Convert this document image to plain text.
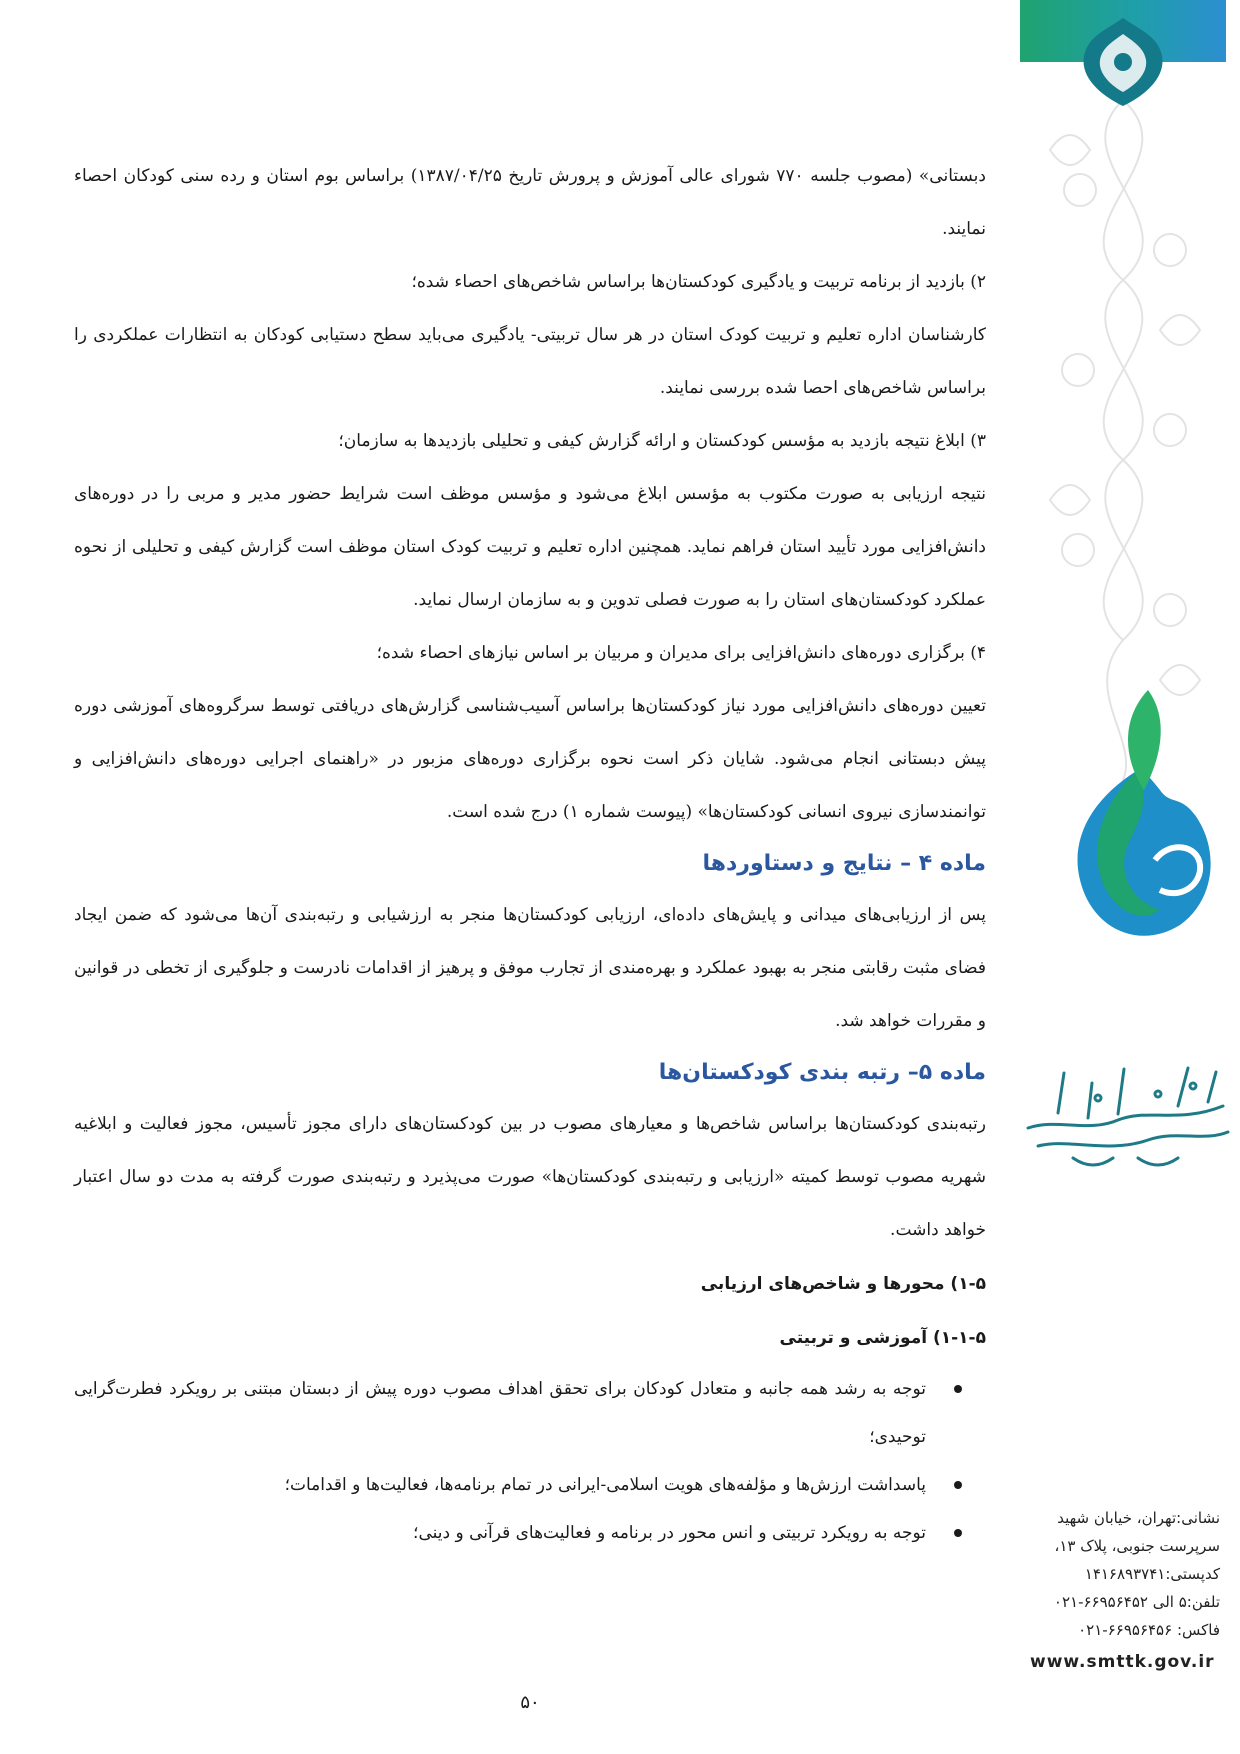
نشانی:تهران، خیابان شهید
سرپرست جنوبی، پلاک ۱۳،
کدپستی:۱۴۱۶۸۹۳۷۴۱
تلفن:۵ الی ۶۶۹۵۶۴۵۲-۰۲۱
فاکس: ۶۶۹۵۶۴۵۶-۰۲۱
www.smttk.gov.ir

دبستانی» (مصوب جلسه ۷۷۰ شورای عالی آموزش و پرورش تاریخ ۱۳۸۷/۰۴/۲۵) براساس بوم استان و رده سنی کودکان احصاء نمایند.

۲) بازدید از برنامه تربیت و یادگیری کودکستان‌ها براساس شاخص‌های احصاء شده؛

کارشناسان اداره تعلیم و تربیت کودک استان در هر سال تربیتی- یادگیری می‌باید سطح دستیابی کودکان به انتظارات عملکردی را براساس شاخص‌های احصا شده بررسی نمایند.

۳) ابلاغ نتیجه بازدید به مؤسس کودکستان و ارائه گزارش کیفی و تحلیلی بازدیدها به سازمان؛

نتیجه ارزیابی به صورت مکتوب به مؤسس ابلاغ می‌شود و مؤسس موظف است شرایط حضور مدیر و مربی را در دوره‌های دانش‌افزایی مورد تأیید استان فراهم نماید. همچنین اداره تعلیم و تربیت کودک استان موظف است گزارش کیفی و تحلیلی از نحوه عملکرد کودکستان‌های استان را به صورت فصلی تدوین و به سازمان ارسال نماید.

۴) برگزاری دوره‌های دانش‌افزایی برای مدیران و مربیان بر اساس نیازهای احصاء شده؛

تعیین دوره‌های دانش‌افزایی مورد نیاز کودکستان‌ها براساس آسیب‌شناسی گزارش‌های دریافتی توسط سرگروه‌های آموزشی دوره پیش دبستانی انجام می‌شود. شایان ذکر است نحوه برگزاری دوره‌های مزبور در «راهنمای اجرایی دوره‌های دانش‌افزایی و توانمندسازی نیروی انسانی کودکستان‌ها» (پیوست شماره ۱) درج شده است.

ماده ۴ – نتایج و دستاوردها

پس از ارزیابی‌های میدانی و پایش‌های داده‌ای، ارزیابی کودکستان‌ها منجر به ارزشیابی و رتبه‌بندی آن‌ها می‌شود که ضمن ایجاد فضای مثبت رقابتی منجر به بهبود عملکرد و بهره‌مندی از تجارب موفق و پرهیز از اقدامات نادرست و جلوگیری از تخطی در قوانین و مقررات خواهد شد.

ماده ۵– رتبه بندی کودکستان‌ها

رتبه‌بندی کودکستان‌ها براساس شاخص‌ها و معیارهای مصوب در بین کودکستان‌های دارای مجوز تأسیس، مجوز فعالیت و ابلاغیه شهریه مصوب توسط کمیته «ارزیابی و رتبه‌بندی کودکستان‌ها» صورت می‌پذیرد و رتبه‌بندی صورت گرفته به مدت دو سال اعتبار خواهد داشت.

۱-۵) محورها و شاخص‌های ارزیابی
۱-۱-۵) آموزشی و تربیتی
توجه به رشد همه جانبه و متعادل کودکان برای تحقق اهداف مصوب دوره پیش از دبستان مبتنی بر رویکرد فطرت‌گرایی توحیدی؛
پاسداشت ارزش‌ها و مؤلفه‌های هویت اسلامی-ایرانی در تمام برنامه‌ها، فعالیت‌ها و اقدامات؛
توجه به رویکرد تربیتی و انس محور در برنامه و فعالیت‌های قرآنی و دینی؛
۵۰
